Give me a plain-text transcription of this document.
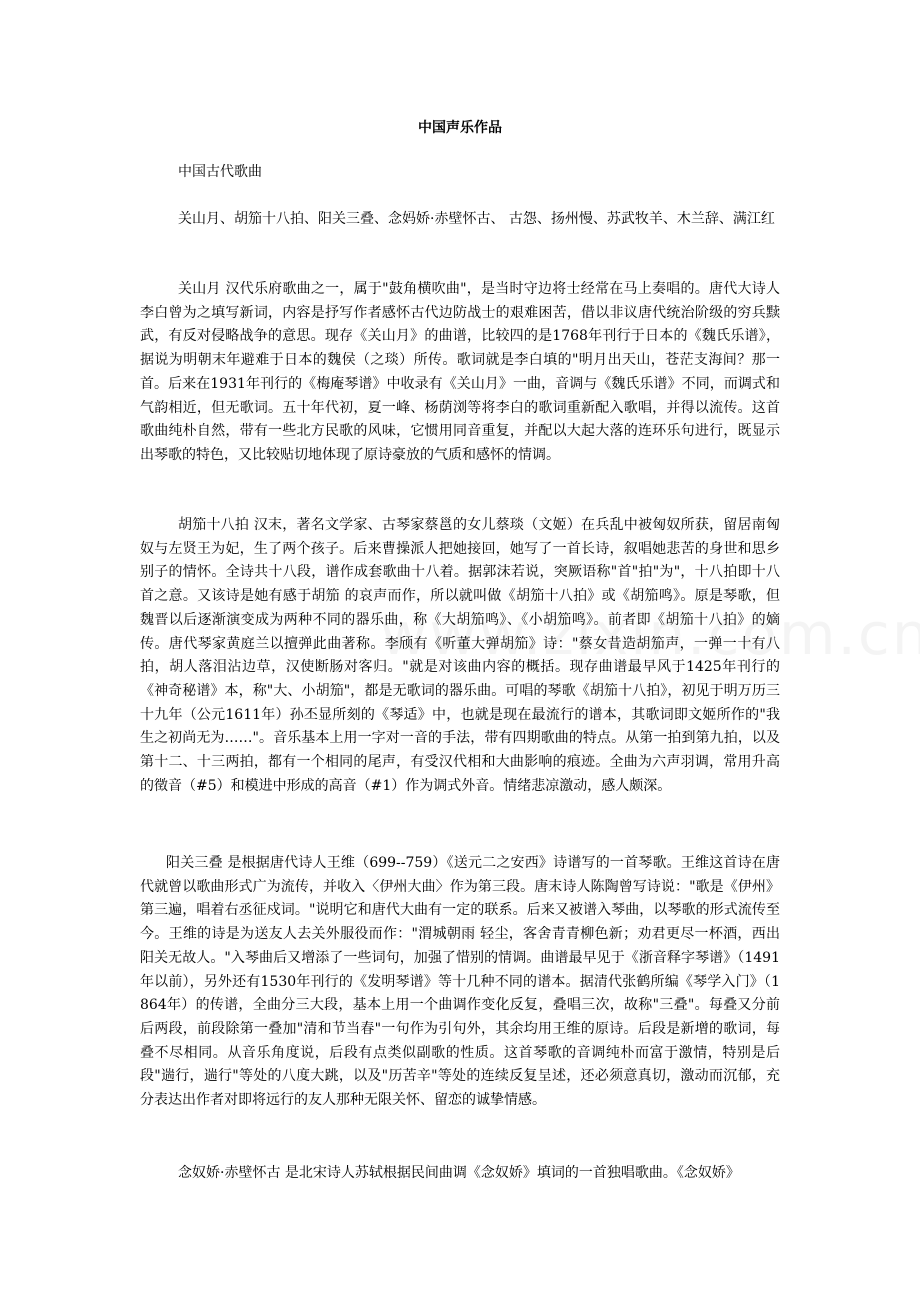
中国声乐作品
中国古代歌曲
关山月、胡笳十八拍、阳关三叠、念妈娇·赤壁怀古、 古怨、扬州慢、苏武牧羊、木兰辞、满江红
关山月 汉代乐府歌曲之一，属于"鼓角横吹曲"，是当时守边将士经常在马上奏唱的。唐代大诗人李白曾为之填写新词，内容是抒写作者感怀古代边防战士的艰难困苦，借以非议唐代统治阶级的穷兵黩武，有反对侵略战争的意思。现存《关山月》的曲谱，比较四的是1768年刊行于日本的《魏氏乐谱》，据说为明朝末年避难于日本的魏侯（之琰）所传。歌词就是李白填的"明月出天山，苍茫支海间？那一首。后来在1931年刊行的《梅庵琴谱》中收录有《关山月》一曲，音调与《魏氏乐谱》不同，而调式和气韵相近，但无歌词。五十年代初，夏一峰、杨荫浏等将李白的歌词重新配入歌唱，并得以流传。这首歌曲纯朴自然，带有一些北方民歌的风味，它惯用同音重复，并配以大起大落的连环乐句进行，既显示出琴歌的特色，又比较贴切地体现了原诗豪放的气质和感怀的情调。
胡笳十八拍 汉末，著名文学家、古琴家蔡邕的女儿蔡琰（文姬）在兵乱中被匈奴所获，留居南匈奴与左贤王为妃，生了两个孩子。后来曹操派人把她接回，她写了一首长诗，叙唱她悲苦的身世和思乡别子的情怀。全诗共十八段，谱作成套歌曲十八着。据郭沫若说，突厥语称"首"拍"为"，十八拍即十八首之意。又该诗是她有感于胡笳 的哀声而作，所以就叫做《胡笳十八拍》或《胡笳鸣》。原是琴歌，但魏晋以后逐渐演变成为两种不同的器乐曲，称《大胡笳鸣》、《小胡笳鸣》。前者即《胡笳十八拍》的嫡传。唐代琴家黄庭兰以擅弹此曲著称。李颀有《听董大弹胡笳》诗："蔡女昔造胡笳声，一弹一十有八拍，胡人落泪沾边草，汉使断肠对客归。"就是对该曲内容的概括。现存曲谱最早风于1425年刊行的《神奇秘谱》本，称"大、小胡笳"，都是无歌词的器乐曲。可唱的琴歌《胡笳十八拍》，初见于明万历三十九年（公元1611年）孙丕显所刻的《琴适》中，也就是现在最流行的谱本，其歌词即文姬所作的"我生之初尚无为……"。音乐基本上用一字对一音的手法，带有四期歌曲的特点。从第一拍到第九拍，以及第十二、十三两拍，都有一个相同的尾声，有受汉代相和大曲影响的痕迹。全曲为六声羽调，常用升高的徵音（#5）和模进中形成的高音（#1）作为调式外音。情绪悲凉激动，感人颇深。
阳关三叠 是根据唐代诗人王维（699--759）《送元二之安西》诗谱写的一首琴歌。王维这首诗在唐代就曾以歌曲形式广为流传，并收入〈伊州大曲〉作为第三段。唐末诗人陈陶曾写诗说："歌是《伊州》第三遍，唱着右丞征戍词。"说明它和唐代大曲有一定的联系。后来又被谱入琴曲，以琴歌的形式流传至今。王维的诗是为送友人去关外服役而作："渭城朝雨 轻尘，客舍青青柳色新；劝君更尽一杯酒，西出阳关无故人。"入琴曲后又增添了一些词句，加强了惜别的情调。曲谱最早见于《浙音释字琴谱》（1491年以前），另外还有1530年刊行的《发明琴谱》等十几种不同的谱本。据清代张鹤所编《琴学入门》（1864年）的传谱，全曲分三大段，基本上用一个曲调作变化反复，叠唱三次，故称"三叠"。每叠又分前后两段，前段除第一叠加"清和节当春"一句作为引句外，其余均用王维的原诗。后段是新增的歌词，每叠不尽相同。从音乐角度说，后段有点类似副歌的性质。这首琴歌的音调纯朴而富于激情，特别是后段"遄行，遄行"等处的八度大跳，以及"历苦辛"等处的连续反复呈述，还必须意真切，激动而沉郁，充分表达出作者对即将远行的友人那种无限关怀、留恋的诚挚情感。
念奴娇·赤壁怀古 是北宋诗人苏轼根据民间曲调《念奴娇》填词的一首独唱歌曲。《念奴娇》
